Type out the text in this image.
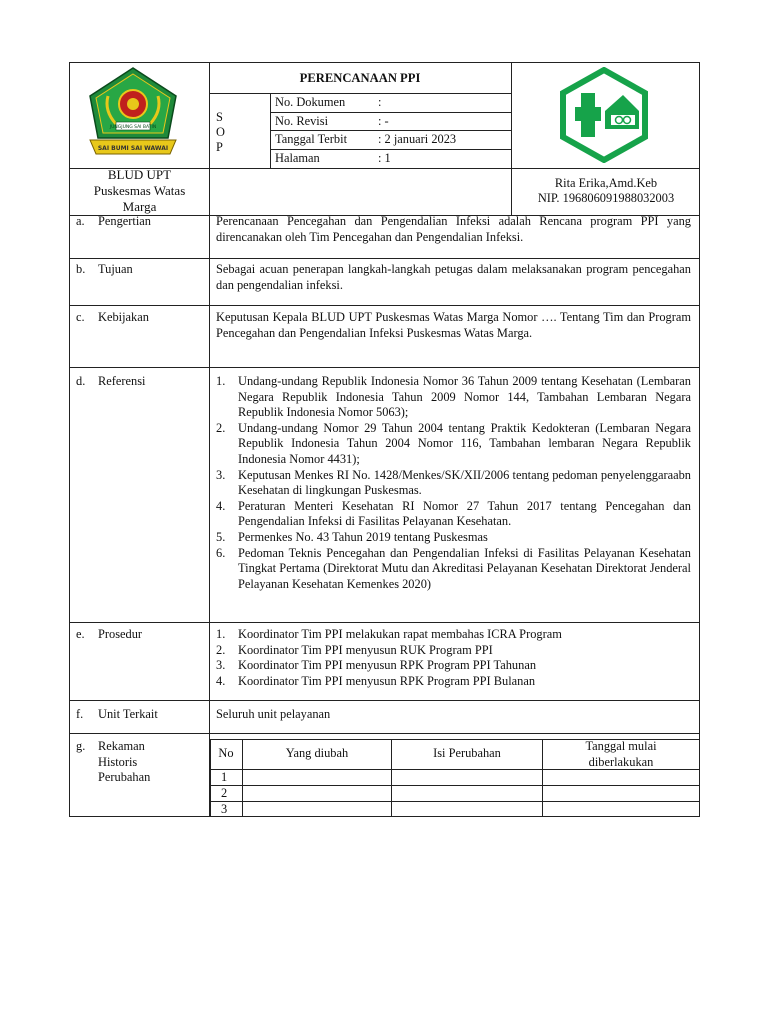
JUNGJUNG SAI BATIN
SAI BUMI SAI WAWAI
PERENCANAAN PPI
S
O
P
No. Dokumen	:
No. Revisi	: -
Tanggal Terbit : 2 januari 2023
Halaman	: 1
BLUD UPT
Puskesmas Watas Marga
Rita Erika,Amd.Keb
NIP. 196806091988032003
a. Pengertian	Perencanaan Pencegahan dan Pengendalian Infeksi adalah Rencana program PPI yang direncanakan oleh Tim Pencegahan dan Pengendalian Infeksi.
b. Tujuan	Sebagai acuan penerapan langkah-langkah petugas dalam melaksanakan program pencegahan dan pengendalian infeksi.
c. Kebijakan	Keputusan Kepala BLUD UPT Puskesmas Watas Marga Nomor …. Tentang Tim dan Program Pencegahan dan Pengendalian Infeksi Puskesmas Watas Marga.
d. Referensi	1. Undang-undang Republik Indonesia Nomor 36 Tahun 2009 tentang Kesehatan (Lembaran Negara Republik Indonesia Tahun 2009 Nomor 144, Tambahan Lembaran Negara Republik Indonesia Nomor 5063);
2. Undang-undang Nomor 29 Tahun 2004 tentang Praktik Kedokteran (Lembaran Negara Republik Indonesia Tahun 2004 Nomor 116, Tambahan lembaran Negara Republik Indonesia Nomor 4431);
3. Keputusan Menkes RI No. 1428/Menkes/SK/XII/2006 tentang pedoman penyelenggaraabn Kesehatan di lingkungan Puskesmas.
4. Peraturan Menteri Kesehatan RI Nomor 27 Tahun 2017 tentang Pencegahan dan Pengendalian Infeksi di Fasilitas Pelayanan Kesehatan.
5. Permenkes No. 43 Tahun 2019 tentang Puskesmas
6. Pedoman Teknis Pencegahan dan Pengendalian Infeksi di Fasilitas Pelayanan Kesehatan Tingkat Pertama (Direktorat Mutu dan Akreditasi Pelayanan Kesehatan Direktorat Jenderal Pelayanan Kesehatan Kemenkes 2020)
e. Prosedur	1. Koordinator Tim PPI melakukan rapat membahas ICRA Program
2. Koordinator Tim PPI menyusun RUK Program PPI
3. Koordinator Tim PPI menyusun RPK Program PPI Tahunan
4. Koordinator Tim PPI menyusun RPK Program PPI Bulanan
f. Unit Terkait	Seluruh unit pelayanan
g. Rekaman Historis Perubahan
No	Yang diubah	Isi Perubahan	Tanggal mulai diberlakukan
1
2
3
